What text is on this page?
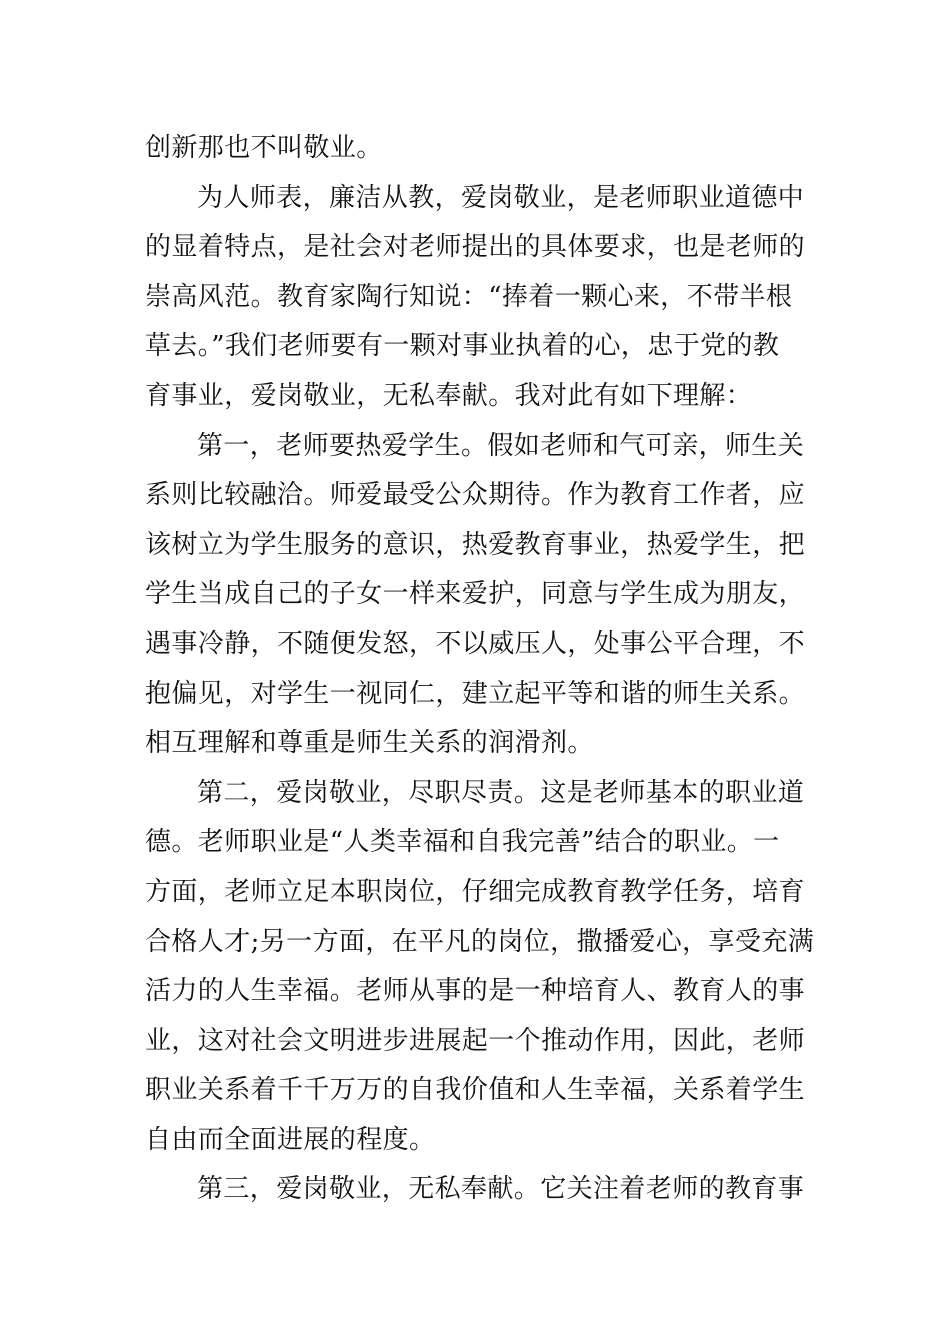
创新那也不叫敬业。
为人师表，廉洁从教，爱岗敬业，是老师职业道德中
的显着特点，是社会对老师提出的具体要求，也是老师的
崇高风范。教育家陶行知说：“捧着一颗心来，不带半根
草去。”我们老师要有一颗对事业执着的心，忠于党的教
育事业，爱岗敬业，无私奉献。我对此有如下理解：
第一，老师要热爱学生。假如老师和气可亲，师生关
系则比较融洽。师爱最受公众期待。作为教育工作者，应
该树立为学生服务的意识，热爱教育事业，热爱学生，把
学生当成自己的子女一样来爱护，同意与学生成为朋友，
遇事冷静，不随便发怒，不以威压人，处事公平合理，不
抱偏见，对学生一视同仁，建立起平等和谐的师生关系。
相互理解和尊重是师生关系的润滑剂。
第二，爱岗敬业，尽职尽责。这是老师基本的职业道
德。老师职业是“人类幸福和自我完善”结合的职业。一
方面，老师立足本职岗位，仔细完成教育教学任务，培育
合格人才;另一方面，在平凡的岗位，撒播爱心，享受充满
活力的人生幸福。老师从事的是一种培育人、教育人的事
业，这对社会文明进步进展起一个推动作用，因此，老师
职业关系着千千万万的自我价值和人生幸福，关系着学生
自由而全面进展的程度。
第三，爱岗敬业，无私奉献。它关注着老师的教育事
